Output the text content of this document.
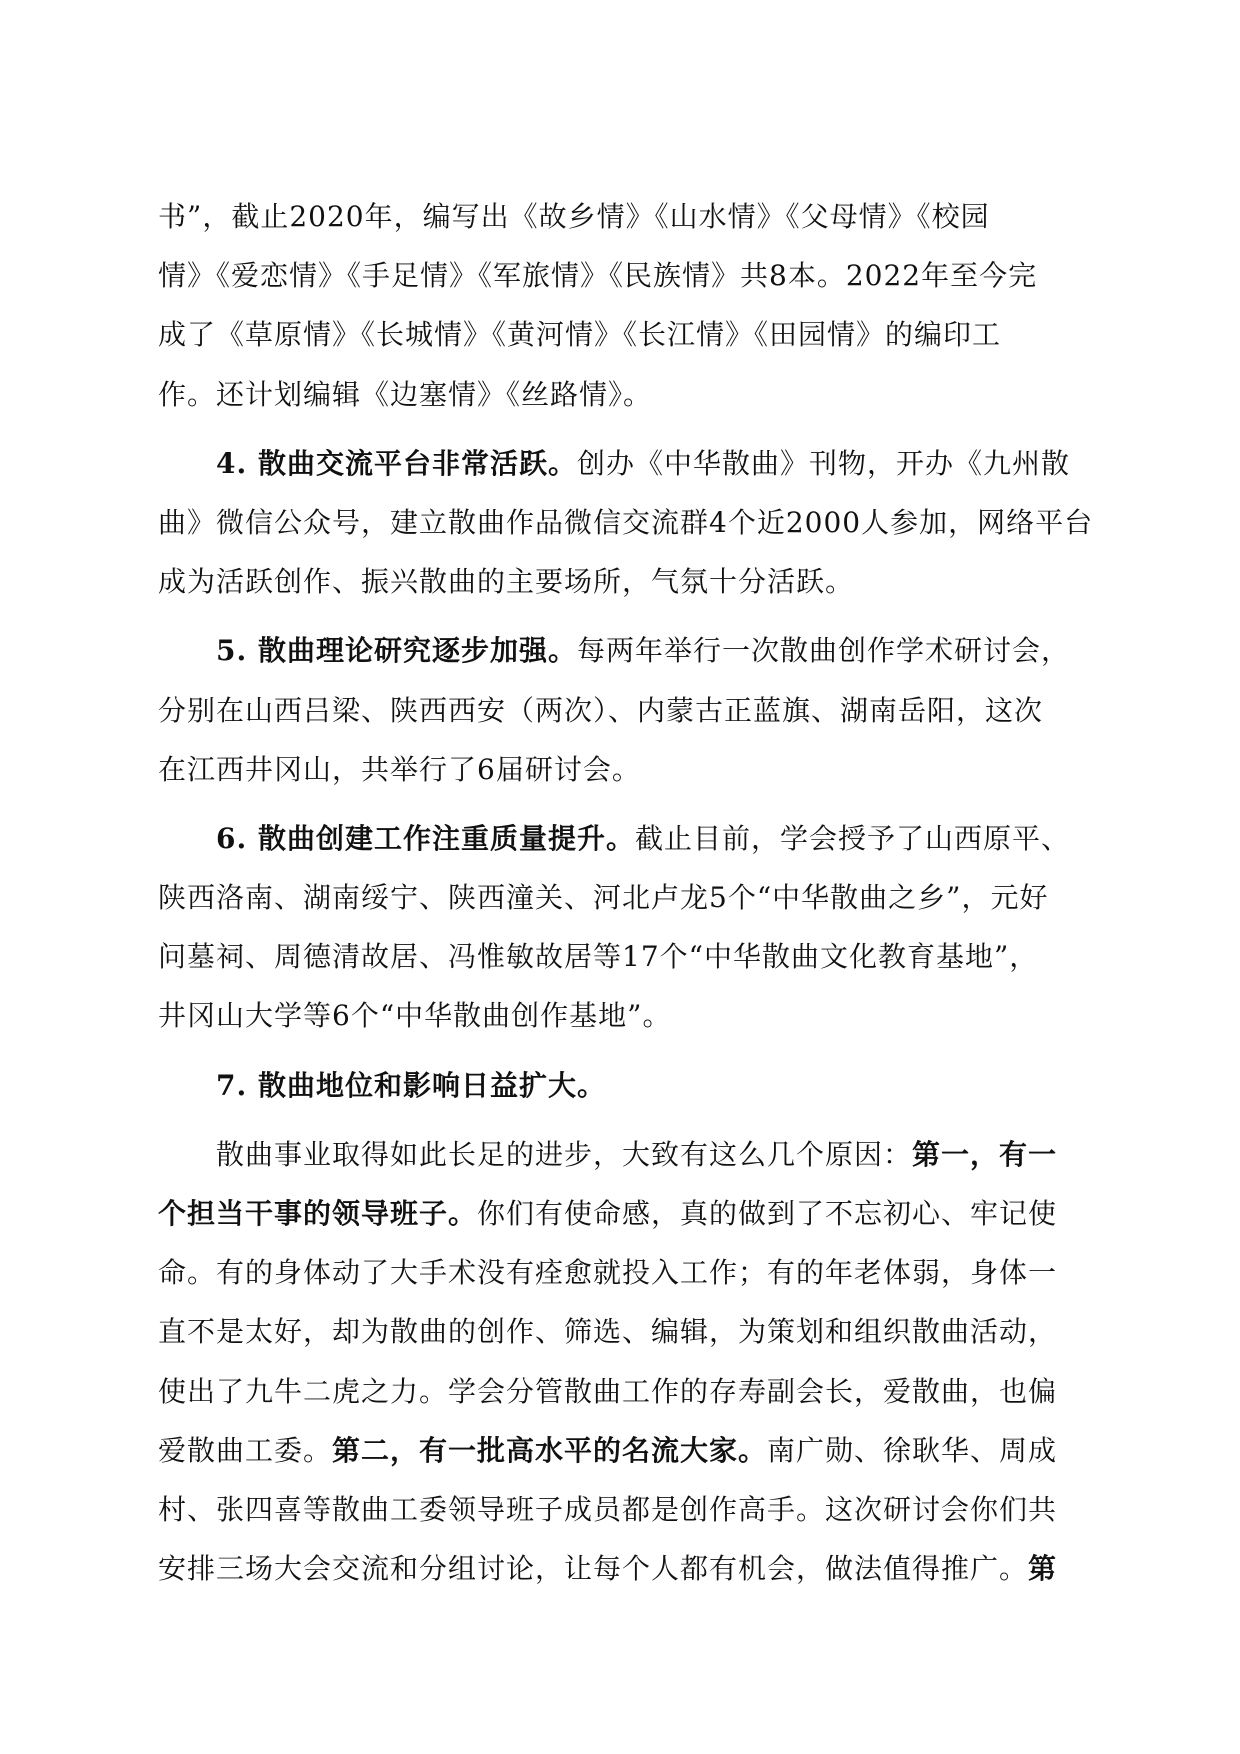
书”，截止2020年，编写出《故乡情》《山水情》《父母情》《校园
情》《爱恋情》《手足情》《军旅情》《民族情》共8本。2022年至今完
成了《草原情》《长城情》《黄河情》《长江情》《田园情》的编印工
作。还计划编辑《边塞情》《丝路情》。
4. 散曲交流平台非常活跃。创办《中华散曲》刊物，开办《九州散
曲》微信公众号，建立散曲作品微信交流群4个近2000人参加，网络平台
成为活跃创作、振兴散曲的主要场所，气氛十分活跃。
5. 散曲理论研究逐步加强。每两年举行一次散曲创作学术研讨会，
分别在山西吕梁、陕西西安（两次）、内蒙古正蓝旗、湖南岳阳，这次
在江西井冈山，共举行了6届研讨会。
6. 散曲创建工作注重质量提升。截止目前，学会授予了山西原平、
陕西洛南、湖南绥宁、陕西潼关、河北卢龙5个“中华散曲之乡”，元好
问墓祠、周德清故居、冯惟敏故居等17个“中华散曲文化教育基地”，
井冈山大学等6个“中华散曲创作基地”。
7. 散曲地位和影响日益扩大。
散曲事业取得如此长足的进步，大致有这么几个原因：第一，有一
个担当干事的领导班子。你们有使命感，真的做到了不忘初心、牢记使
命。有的身体动了大手术没有痊愈就投入工作；有的年老体弱，身体一
直不是太好，却为散曲的创作、筛选、编辑，为策划和组织散曲活动，
使出了九牛二虎之力。学会分管散曲工作的存寿副会长，爱散曲，也偏
爱散曲工委。第二，有一批高水平的名流大家。南广勋、徐耿华、周成
村、张四喜等散曲工委领导班子成员都是创作高手。这次研讨会你们共
安排三场大会交流和分组讨论，让每个人都有机会，做法值得推广。第
